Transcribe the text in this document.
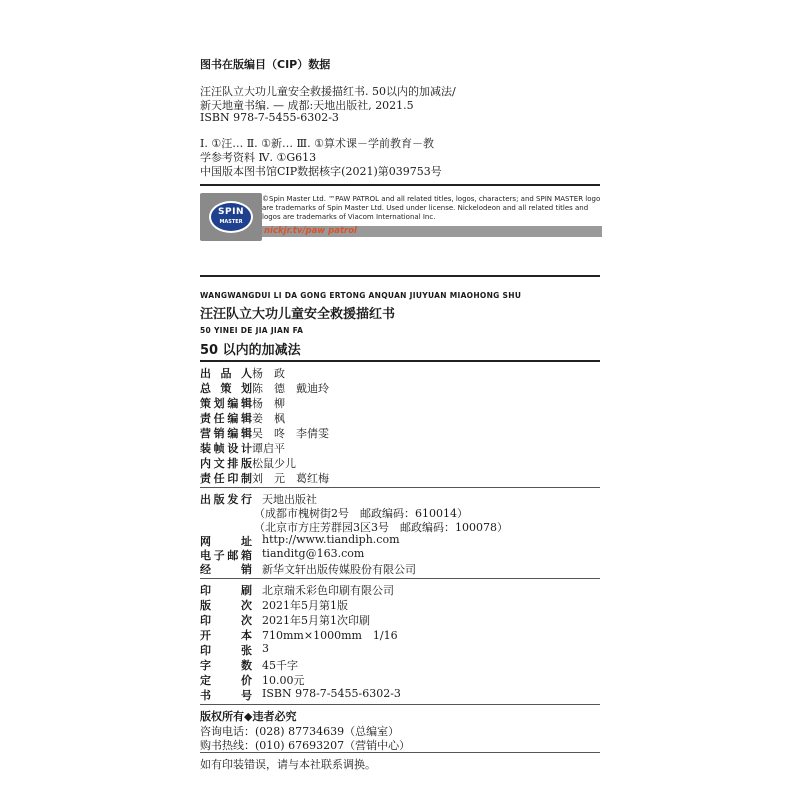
图书在版编目（CIP）数据
汪汪队立大功儿童安全救援描红书. 50以内的加减法/
新天地童书编. — 成都:天地出版社, 2021.5
ISBN 978-7-5455-6302-3
Ⅰ. ①汪… Ⅱ. ①新… Ⅲ. ①算术课－学前教育－教
学参考资料 Ⅳ. ①G613
中国版本图书馆CIP数据核字(2021)第039753号
SPIN
MASTER
©Spin Master Ltd. ™PAW PATROL and all related titles, logos, characters; and SPIN MASTER logo are trademarks of Spin Master Ltd. Used under license. Nickelodeon and all related titles and logos are trademarks of Viacom International Inc.
nickjr.tv/paw patrol
WANGWANGDUI LI DA GONG ERTONG ANQUAN JIUYUAN MIAOHONG SHU
汪汪队立大功儿童安全救援描红书
50 YINEI DE JIA JIAN FA
50 以内的加减法
出 品 人 杨　政
总 策 划 陈　德　戴迪玲
策 划 编 辑 杨　柳
责 任 编 辑 姜　枫
营 销 编 辑 吴　咚　李倩雯
装 帧 设 计 谭启平
内 文 排 版 松鼠少儿
责 任 印 制 刘　元　葛红梅
出 版 发 行 天地出版社
（成都市槐树街2号　邮政编码：610014）
（北京市方庄芳群园3区3号　邮政编码：100078）
网	址 http://www.tiandiph.com
电 子 邮 箱 tianditg@163.com
经	销 新华文轩出版传媒股份有限公司
印	刷 北京瑞禾彩色印刷有限公司
版	次 2021年5月第1版
印	次 2021年5月第1次印刷
开	本 710mm×1000mm　1/16
印	张 3
字	数 45千字
定	价 10.00元
书	号 ISBN 978-7-5455-6302-3
版权所有◆违者必究
咨询电话：(028) 87734639（总编室）
购书热线：(010) 67693207（营销中心）
如有印装错误，请与本社联系调换。
